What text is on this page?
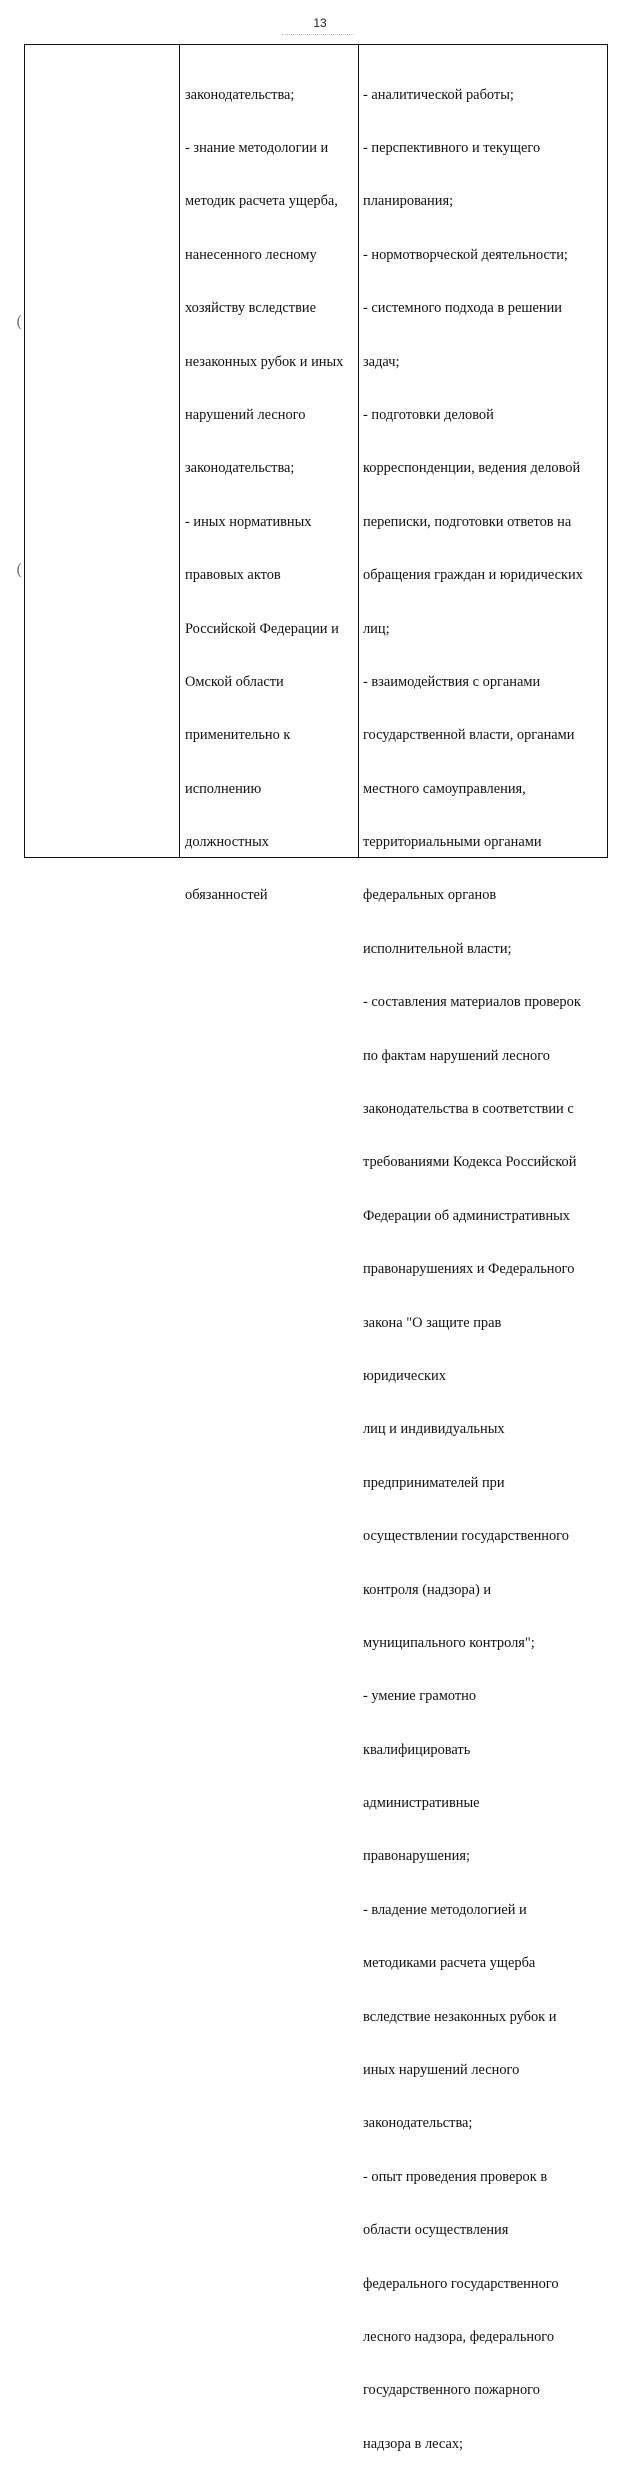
13
(
(

законодательства;

- знание методологии и

методик расчета ущерба,

нанесенного лесному

хозяйству вследствие

незаконных рубок и иных

нарушений лесного

законодательства;

- иных нормативных

правовых актов

Российской Федерации и

Омской области

применительно к

исполнению

должностных

обязанностей

- аналитической работы;

- перспективного и текущего

планирования;

- нормотворческой деятельности;

- системного подхода в решении

задач;

- подготовки деловой

корреспонденции, ведения деловой

переписки, подготовки ответов на

обращения граждан и юридических

лиц;

- взаимодействия с органами

государственной власти, органами

местного самоуправления,

территориальными органами

федеральных органов

исполнительной власти;

- составления материалов проверок

по фактам нарушений лесного

законодательства в соответствии с

требованиями Кодекса Российской

Федерации об административных

правонарушениях и Федерального

закона "О защите прав

юридических

лиц и индивидуальных

предпринимателей при

осуществлении государственного

контроля (надзора) и

муниципального контроля";

- умение грамотно

квалифицировать

административные

правонарушения;

- владение методологией и

методиками расчета ущерба

вследствие незаконных рубок и

иных нарушений лесного

законодательства;

- опыт проведения проверок в

области осуществления

федерального государственного

лесного надзора, федерального

государственного пожарного

надзора в лесах;
